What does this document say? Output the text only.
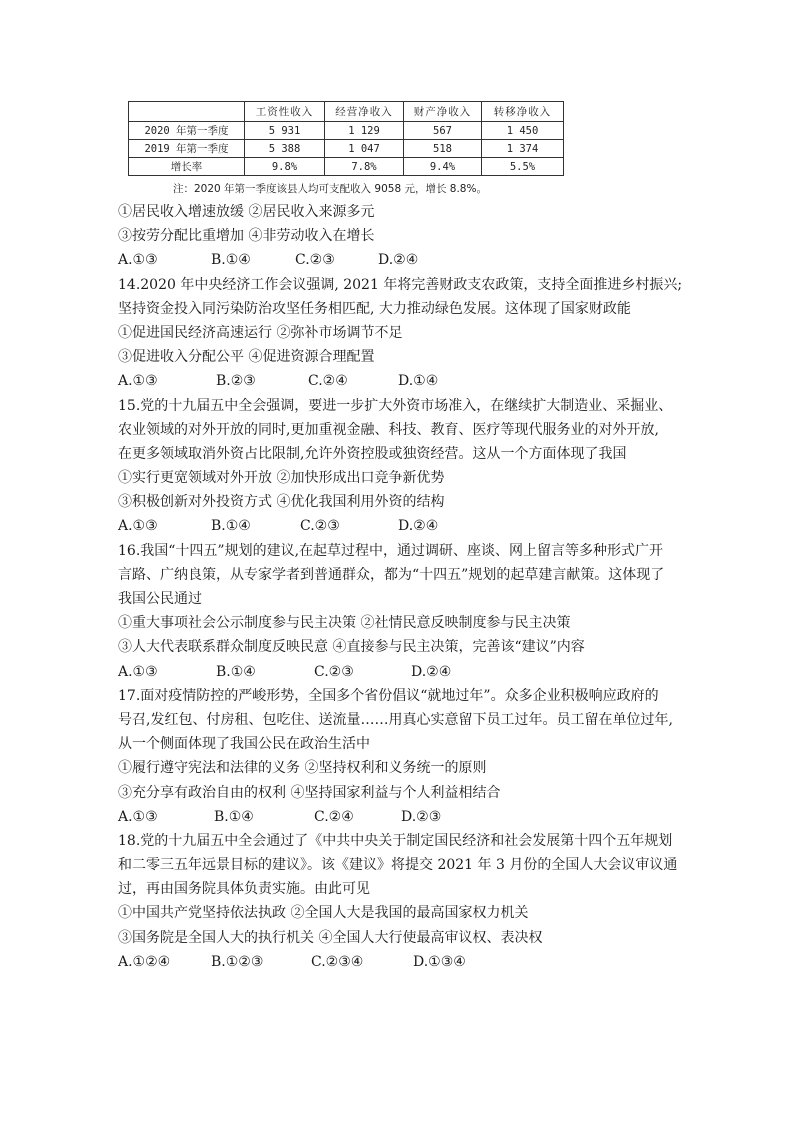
	工资性收入	经营净收入	财产净收入	转移净收入
2020 年第一季度	5 931	1 129	567	1 450
2019 年第一季度	5 388	1 047	518	1 374
增长率	9.8%	7.8%	9.4%	5.5%
注：2020 年第一季度该县人均可支配收入 9058 元，增长 8.8%。
①居民收入增速放缓 ②居民收入来源多元
③按劳分配比重增加 ④非劳动收入在增长
A.①③	B.①④	C.②③	D.②④
14.2020 年中央经济工作会议强调, 2021 年将完善财政支农政策，支持全面推进乡村振兴;
坚持资金投入同污染防治攻坚任务相匹配, 大力推动绿色发展。这体现了国家财政能
①促进国民经济高速运行 ②弥补市场调节不足
③促进收入分配公平 ④促进资源合理配置
A.①③	B.②③	C.②④	D.①④
15.党的十九届五中全会强调，要进一步扩大外资市场准入，在继续扩大制造业、采掘业、
农业领域的对外开放的同时,更加重视金融、科技、教育、医疗等现代服务业的对外开放,
在更多领域取消外资占比限制,允许外资控股或独资经营。这从一个方面体现了我国
①实行更宽领域对外开放 ②加快形成出口竞争新优势
③积极创新对外投资方式 ④优化我国利用外资的结构
A.①③	B.①④	C.②③	D.②④
16.我国“十四五”规划的建议,在起草过程中，通过调研、座谈、网上留言等多种形式广开
言路、广纳良策，从专家学者到普通群众，都为“十四五”规划的起草建言献策。这体现了
我国公民通过
①重大事项社会公示制度参与民主决策 ②社情民意反映制度参与民主决策
③人大代表联系群众制度反映民意 ④直接参与民主决策，完善该“建议”内容
A.①③	B.①④	C.②③	D.②④
17.面对疫情防控的严峻形势，全国多个省份倡议“就地过年”。众多企业积极响应政府的
号召,发红包、付房租、包吃住、送流量……用真心实意留下员工过年。员工留在单位过年,
从一个侧面体现了我国公民在政治生活中
①履行遵守宪法和法律的义务 ②坚持权利和义务统一的原则
③充分享有政治自由的权利 ④坚持国家利益与个人利益相结合
A.①③	B.①④	C.②④	D.②③
18.党的十九届五中全会通过了《中共中央关于制定国民经济和社会发展第十四个五年规划
和二零三五年远景目标的建议》。该《建议》将提交 2021 年 3 月份的全国人大会议审议通
过，再由国务院具体负责实施。由此可见
①中国共产党坚持依法执政 ②全国人大是我国的最高国家权力机关
③国务院是全国人大的执行机关 ④全国人大行使最高审议权、表决权
A.①②④	B.①②③	C.②③④	D.①③④
